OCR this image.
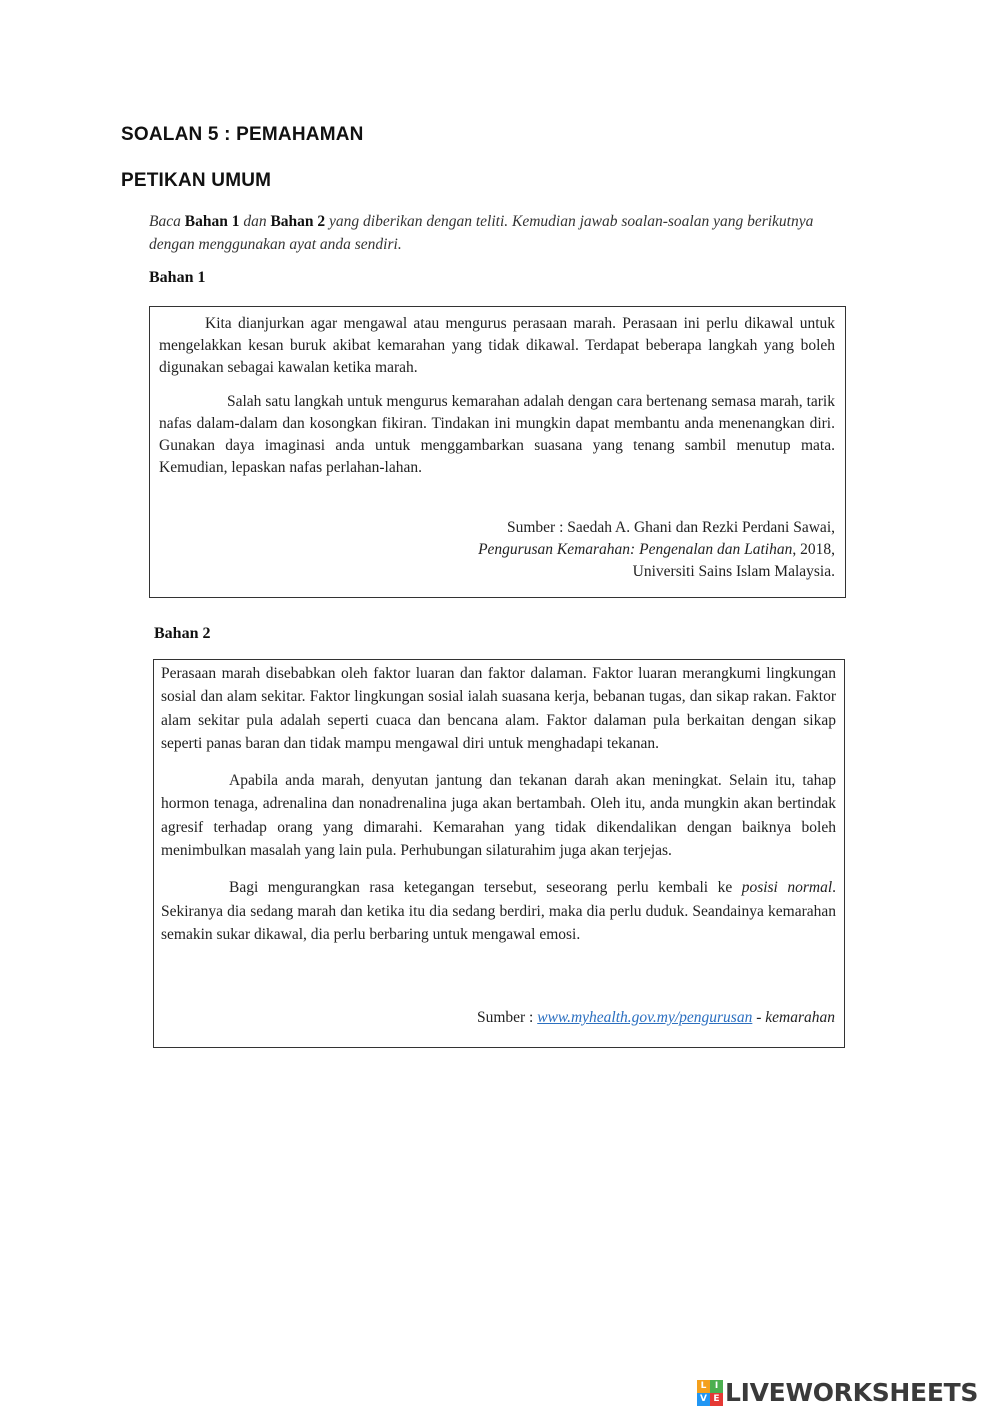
SOALAN 5 : PEMAHAMAN
PETIKAN UMUM
Baca Bahan 1 dan Bahan 2 yang diberikan dengan teliti. Kemudian jawab soalan-soalan yang berikutnya dengan menggunakan ayat anda sendiri.
Bahan 1

Kita dianjurkan agar mengawal atau mengurus perasaan marah. Perasaan ini perlu dikawal untuk mengelakkan kesan buruk akibat kemarahan yang tidak dikawal. Terdapat beberapa langkah yang boleh digunakan sebagai kawalan ketika marah.

Salah satu langkah untuk mengurus kemarahan adalah dengan cara bertenang semasa marah, tarik nafas dalam-dalam dan kosongkan fikiran. Tindakan ini mungkin dapat membantu anda menenangkan diri. Gunakan daya imaginasi anda untuk menggambarkan suasana yang tenang sambil menutup mata. Kemudian, lepaskan nafas perlahan-lahan.

Sumber : Saedah A. Ghani dan Rezki Perdani Sawai,
Pengurusan Kemarahan: Pengenalan dan Latihan, 2018,
Universiti Sains Islam Malaysia.
Bahan 2

Perasaan marah disebabkan oleh faktor luaran dan faktor dalaman. Faktor luaran merangkumi lingkungan sosial dan alam sekitar. Faktor lingkungan sosial ialah suasana kerja, bebanan tugas, dan sikap rakan. Faktor alam sekitar pula adalah seperti cuaca dan bencana alam. Faktor dalaman pula berkaitan dengan sikap seperti panas baran dan tidak mampu mengawal diri untuk menghadapi tekanan.

Apabila anda marah, denyutan jantung dan tekanan darah akan meningkat. Selain itu, tahap hormon tenaga, adrenalina dan nonadrenalina juga akan bertambah. Oleh itu, anda mungkin akan bertindak agresif terhadap orang yang dimarahi. Kemarahan yang tidak dikendalikan dengan baiknya boleh menimbulkan masalah yang lain pula. Perhubungan silaturahim juga akan terjejas.

Bagi mengurangkan rasa ketegangan tersebut, seseorang perlu kembali ke posisi normal. Sekiranya dia sedang marah dan ketika itu dia sedang berdiri, maka dia perlu duduk. Seandainya kemarahan semakin sukar dikawal, dia perlu berbaring untuk mengawal emosi.

Sumber : www.myhealth.gov.my/pengurusan - kemarahan
L I
V E LIVEWORKSHEETS
